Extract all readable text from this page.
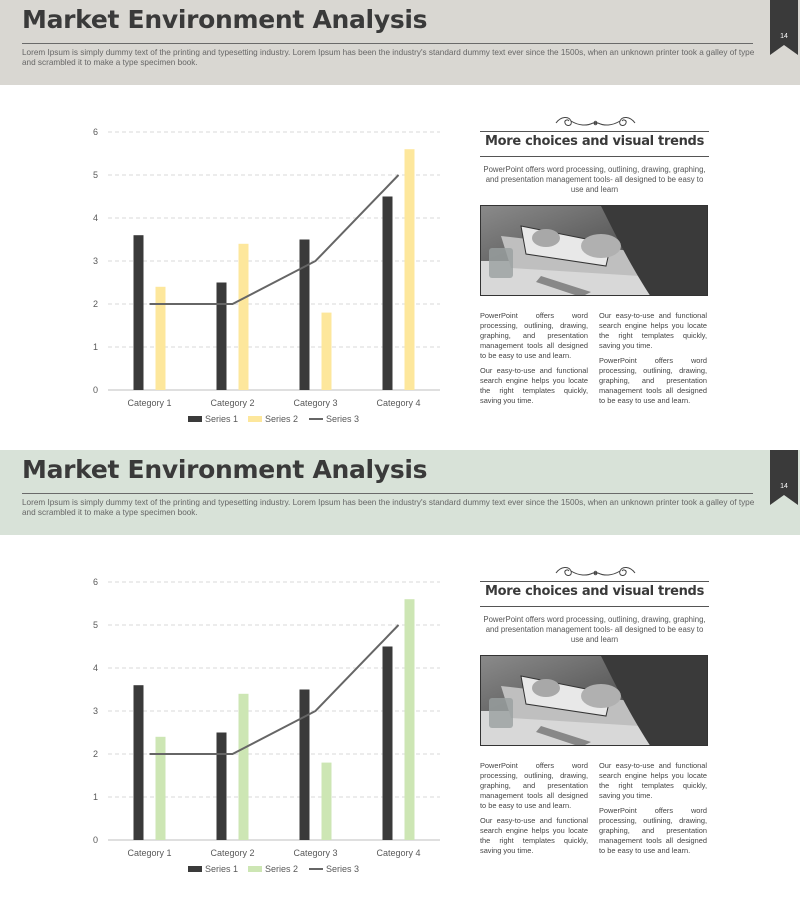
Market Environment Analysis
Lorem Ipsum is simply dummy text of the printing and typesetting industry. Lorem Ipsum has been the industry's standard dummy text ever since the 1500s, when an unknown printer took a galley of type and scrambled it to make a type specimen book.
14
0
1
2
3
4
5
6
Category 1	Category 2	Category 3	Category 4
Series 1	Series 2	Series 3
More choices and visual trends
PowerPoint offers word processing, outlining, drawing, graphing, and presentation management tools- all designed to be easy to use and learn

PowerPoint offers word processing, outlining, drawing, graphing, and presentation management tools all designed to be easy to use and learn.

Our easy-to-use and functional search engine helps you locate the right templates quickly, saving you time.

Our easy-to-use and functional search engine helps you locate the right templates quickly, saving you time.

PowerPoint offers word processing, outlining, drawing, graphing, and presentation management tools all designed to be easy to use and learn.

Market Environment Analysis
Lorem Ipsum is simply dummy text of the printing and typesetting industry. Lorem Ipsum has been the industry's standard dummy text ever since the 1500s, when an unknown printer took a galley of type and scrambled it to make a type specimen book.
14
0
1
2
3
4
5
6
Category 1	Category 2	Category 3	Category 4
Series 1	Series 2	Series 3
More choices and visual trends
PowerPoint offers word processing, outlining, drawing, graphing, and presentation management tools- all designed to be easy to use and learn

PowerPoint offers word processing, outlining, drawing, graphing, and presentation management tools all designed to be easy to use and learn.

Our easy-to-use and functional search engine helps you locate the right templates quickly, saving you time.

Our easy-to-use and functional search engine helps you locate the right templates quickly, saving you time.

PowerPoint offers word processing, outlining, drawing, graphing, and presentation management tools all designed to be easy to use and learn.
